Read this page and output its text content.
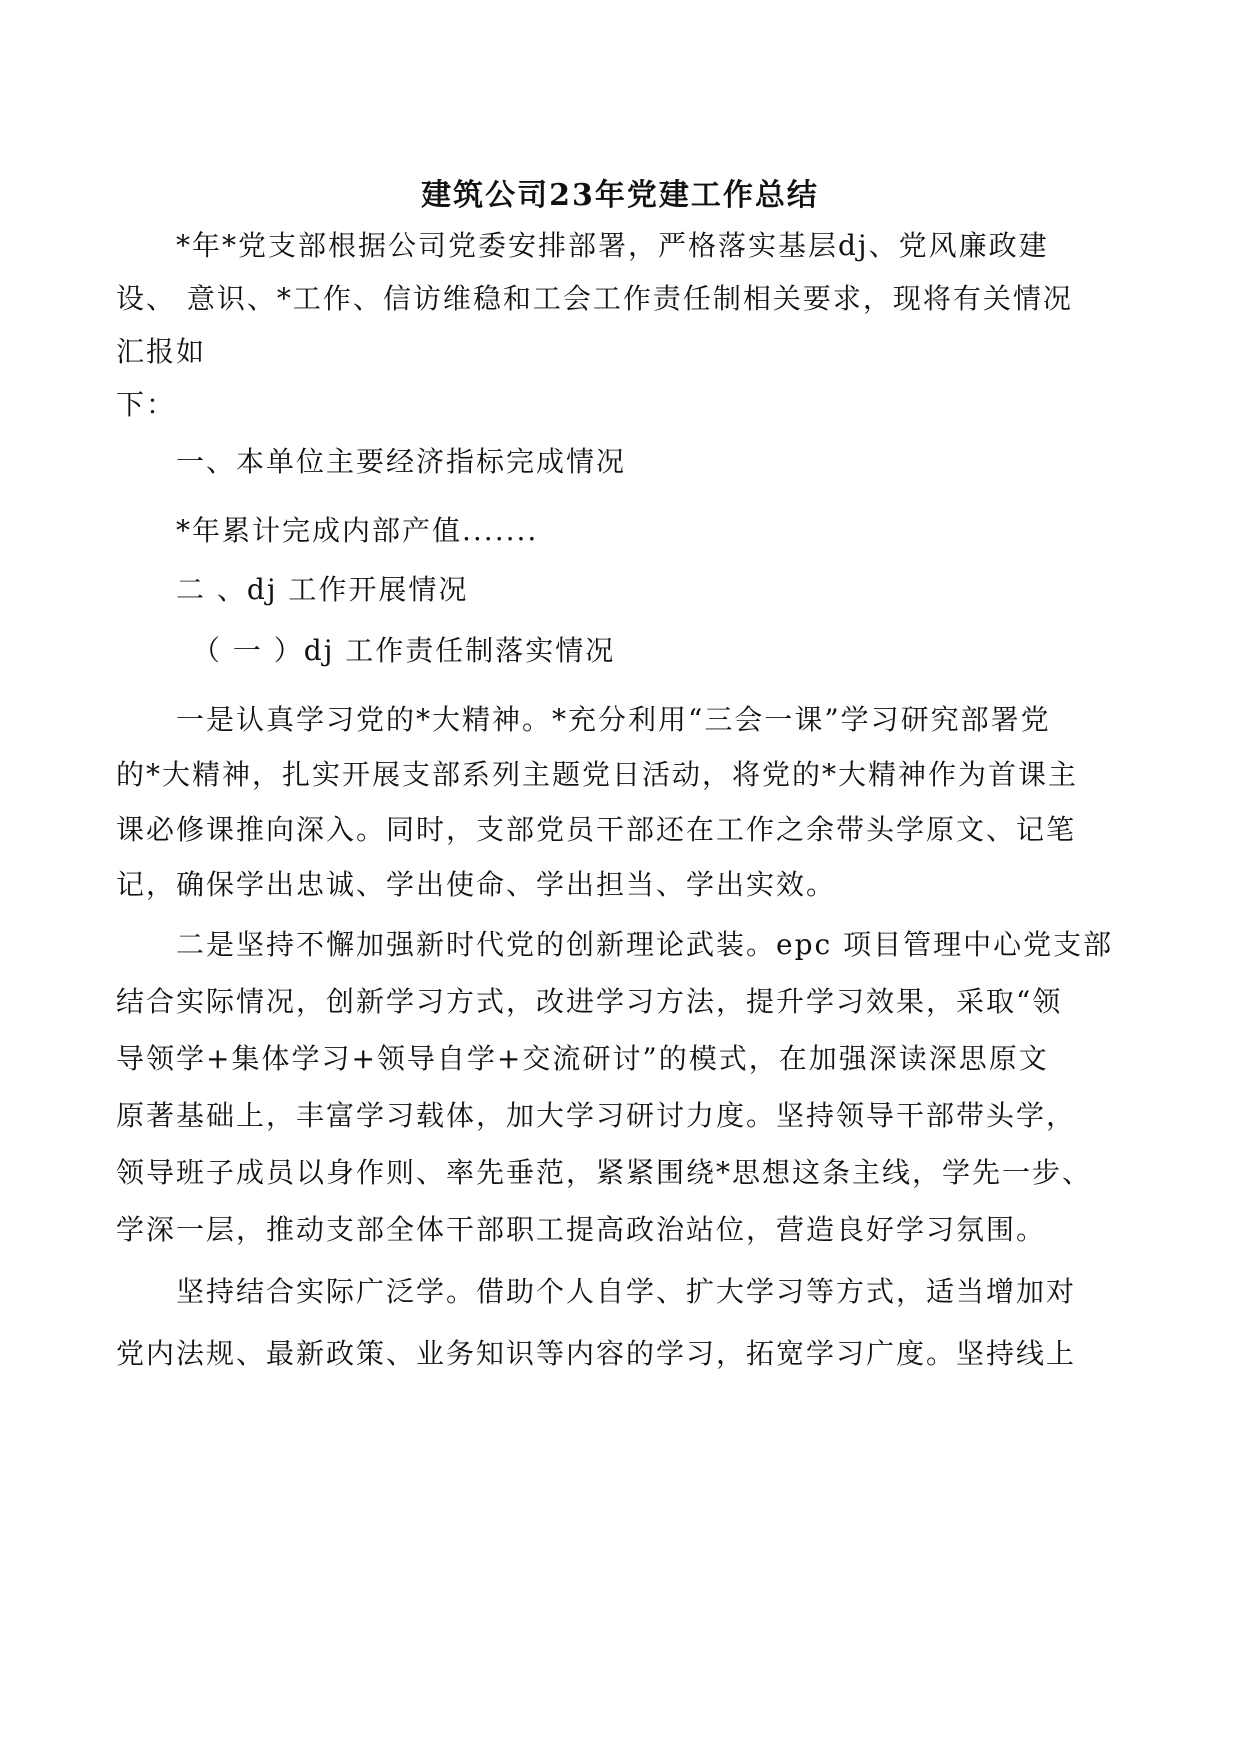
建筑公司23年党建工作总结
*年*党支部根据公司党委安排部署，严格落实基层dj、党风廉政建
设、 意识、*工作、信访维稳和工会工作责任制相关要求，现将有关情况
汇报如
下：
一、本单位主要经济指标完成情况
*年累计完成内部产值.......
二 、dj 工作开展情况
（ 一 ）dj 工作责任制落实情况
一是认真学习党的*大精神。*充分利用“三会一课”学习研究部署党
的*大精神，扎实开展支部系列主题党日活动，将党的*大精神作为首课主
课必修课推向深入。同时，支部党员干部还在工作之余带头学原文、记笔
记，确保学出忠诚、学出使命、学出担当、学出实效。
二是坚持不懈加强新时代党的创新理论武装。epc 项目管理中心党支部
结合实际情况，创新学习方式，改进学习方法，提升学习效果，采取“领
导领学+集体学习+领导自学+交流研讨”的模式，在加强深读深思原文
原著基础上，丰富学习载体，加大学习研讨力度。坚持领导干部带头学，
领导班子成员以身作则、率先垂范，紧紧围绕*思想这条主线，学先一步、
学深一层，推动支部全体干部职工提高政治站位，营造良好学习氛围。
坚持结合实际广泛学。借助个人自学、扩大学习等方式，适当增加对
党内法规、最新政策、业务知识等内容的学习，拓宽学习广度。坚持线上
